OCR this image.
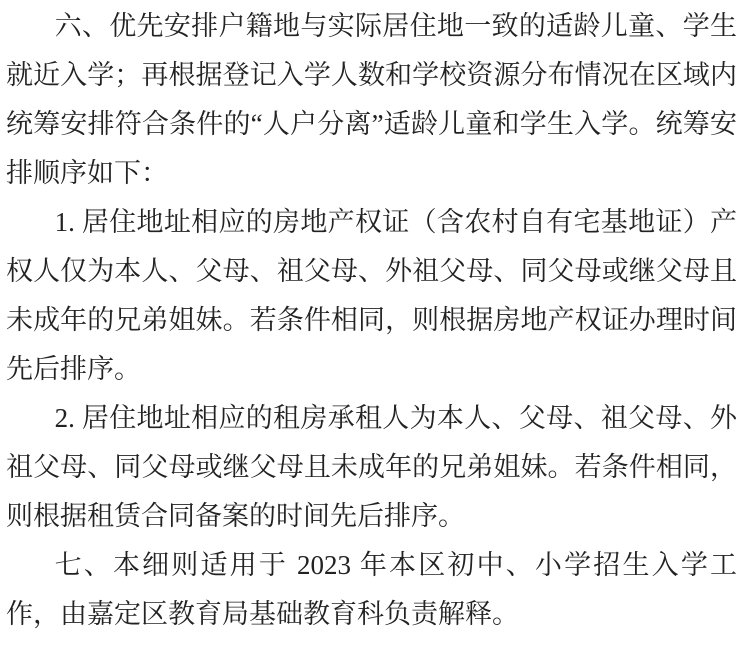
六、优先安排户籍地与实际居住地一致的适龄儿童、学生就近入学；再根据登记入学人数和学校资源分布情况在区域内统筹安排符合条件的“人户分离”适龄儿童和学生入学。统筹安排顺序如下：

1. 居住地址相应的房地产权证（含农村自有宅基地证）产权人仅为本人、父母、祖父母、外祖父母、同父母或继父母且未成年的兄弟姐妹。若条件相同，则根据房地产权证办理时间先后排序。

2. 居住地址相应的租房承租人为本人、父母、祖父母、外祖父母、同父母或继父母且未成年的兄弟姐妹。若条件相同，则根据租赁合同备案的时间先后排序。

七、本细则适用于 2023 年本区初中、小学招生入学工作，由嘉定区教育局基础教育科负责解释。
